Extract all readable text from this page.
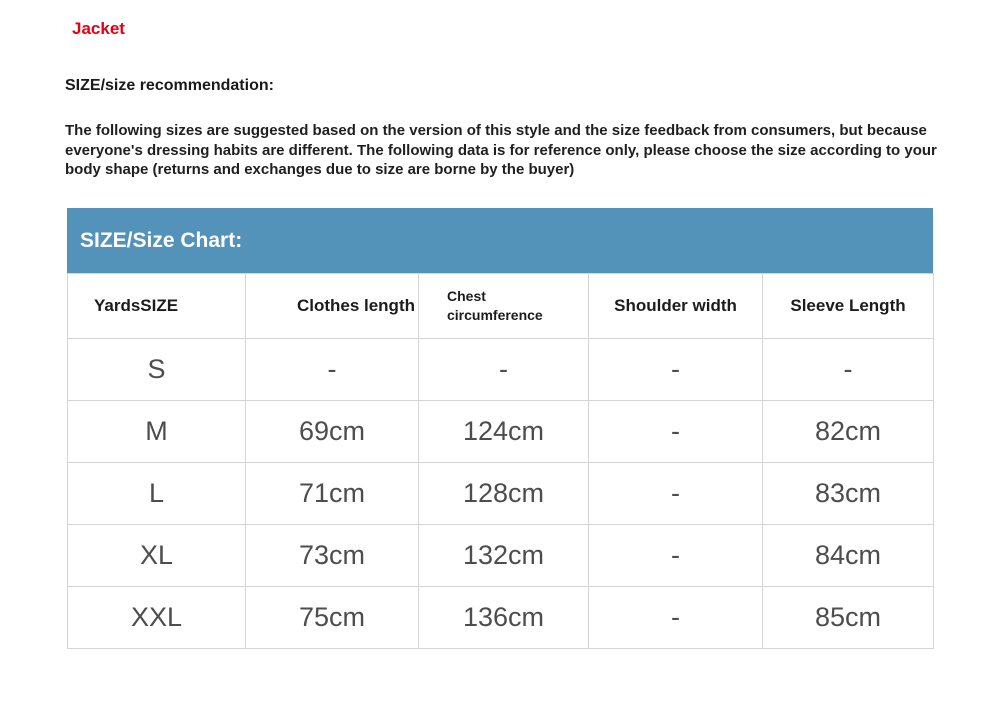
Jacket
SIZE/size recommendation:
The following sizes are suggested based on the version of this style and the size feedback from consumers, but because everyone's dressing habits are different. The following data is for reference only, please choose the size according to your body shape (returns and exchanges due to size are borne by the buyer)
SIZE/Size Chart:
YardsSIZE	Clothes length	Chest circumference	Shoulder width	Sleeve Length
S	-	-	-	-
M	69cm	124cm	-	82cm
L	71cm	128cm	-	83cm
XL	73cm	132cm	-	84cm
XXL	75cm	136cm	-	85cm
